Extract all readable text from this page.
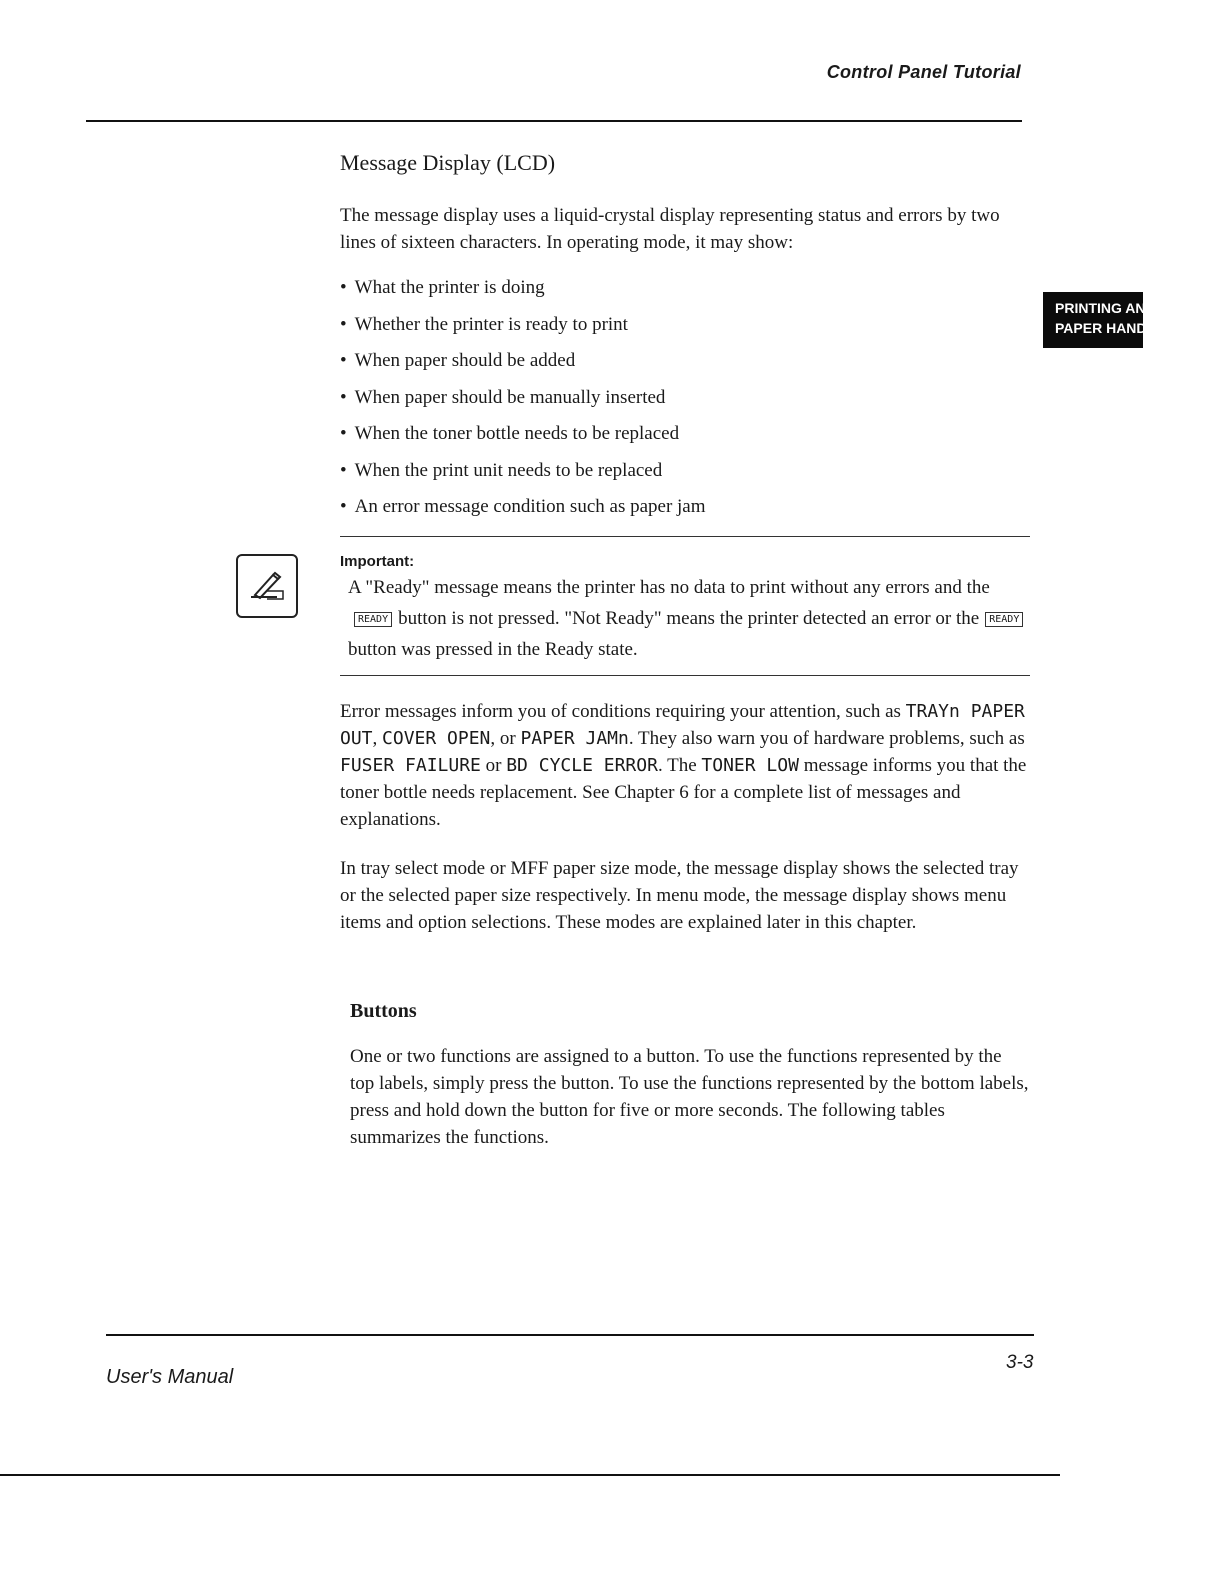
Control Panel Tutorial
PRINTING AND
PAPER HANDLI
Message Display (LCD)

The message display uses a liquid-crystal display representing status and errors by two lines of sixteen characters. In operating mode, it may show:

• What the printer is doing
• Whether the printer is ready to print
• When paper should be added
• When paper should be manually inserted
• When the toner bottle needs to be replaced
• When the print unit needs to be replaced
• An error message condition such as paper jam
Important:
A "Ready" message means the printer has no data to print without any errors and theREADY button is not pressed. "Not Ready" means the printer detected an error or the READYbutton was pressed in the Ready state.

Error messages inform you of conditions requiring your attention, such as TRAYn PAPER OUT, COVER OPEN, or PAPER JAMn. They also warn you of hardware problems, such as FUSER FAILURE or BD CYCLE ERROR. The TONER LOW message informs you that the toner bottle needs replacement. See Chapter 6 for a complete list of messages and explanations.

In tray select mode or MFF paper size mode, the message display shows the selected tray or the selected paper size respectively. In menu mode, the message display shows menu items and option selections. These modes are explained later in this chapter.

Buttons

One or two functions are assigned to a button. To use the functions represented by the top labels, simply press the button. To use the functions represented by the bottom labels, press and hold down the button for five or more seconds. The following tables summarizes the functions.

User's Manual
3-3
